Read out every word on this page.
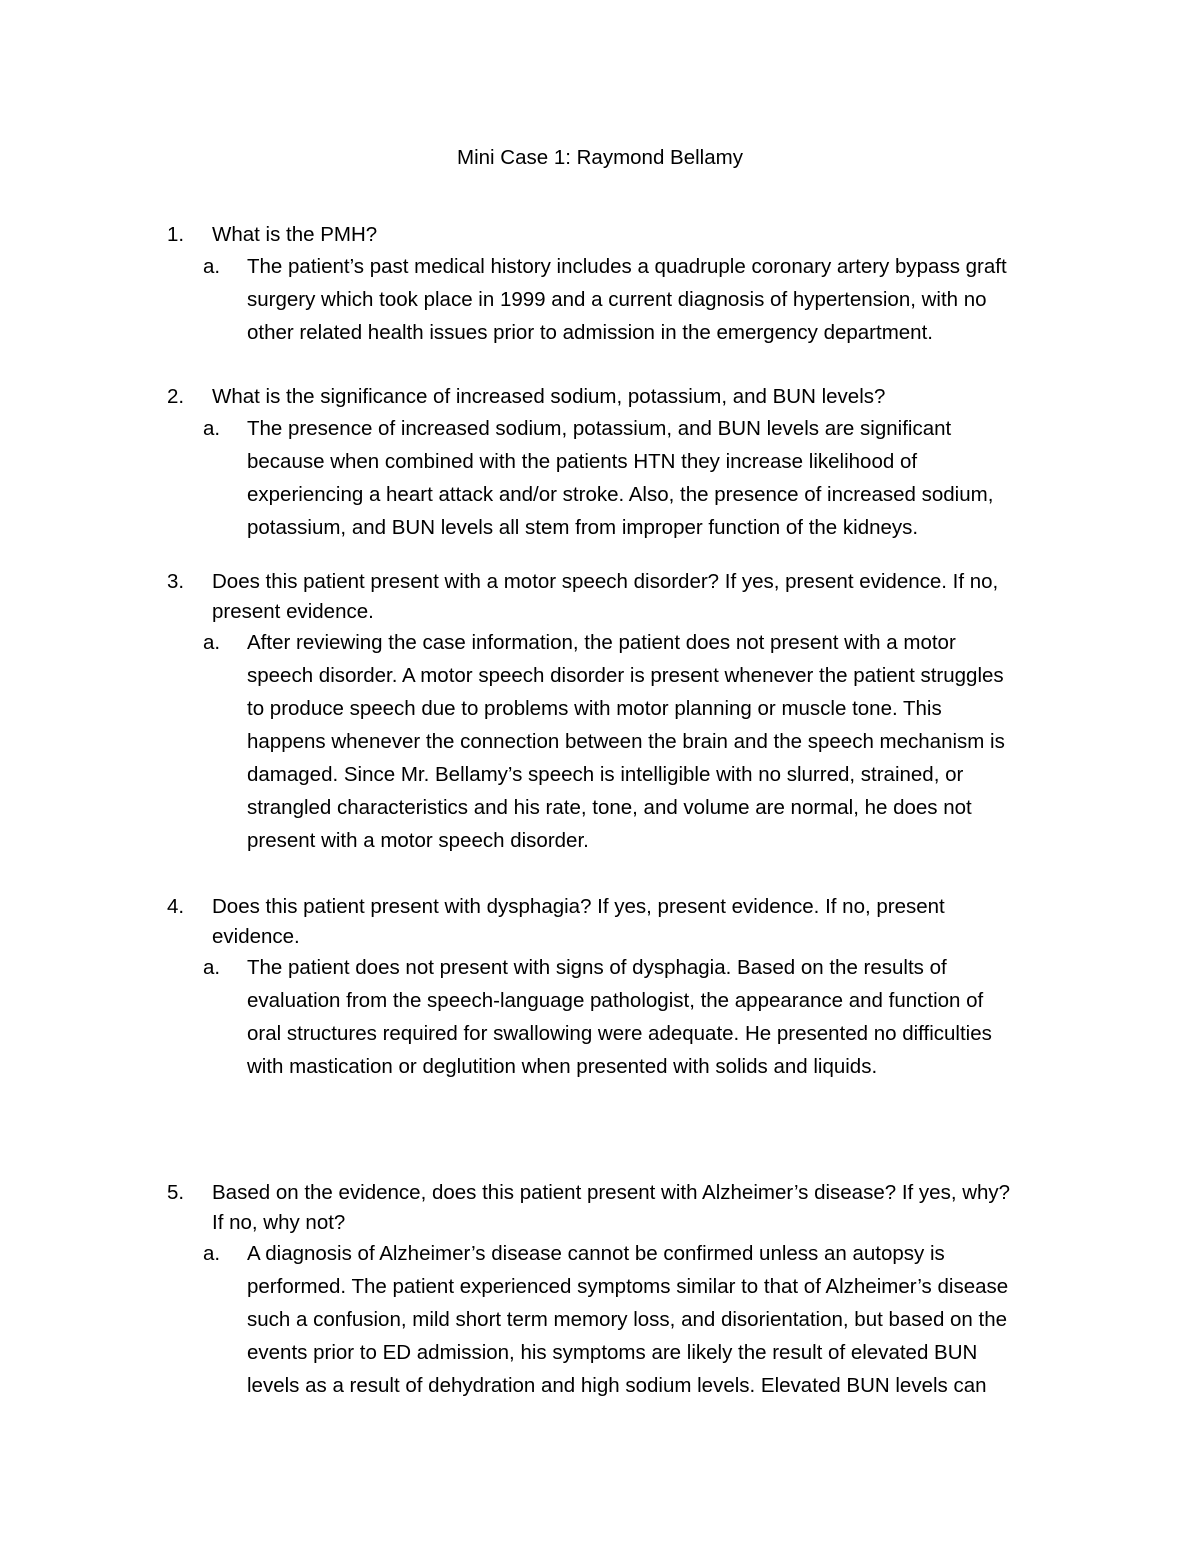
Mini Case 1: Raymond Bellamy
1.	What is the PMH?
a.	The patient’s past medical history includes a quadruple coronary artery bypass graft
surgery which took place in 1999 and a current diagnosis of hypertension, with no
other related health issues prior to admission in the emergency department.
2.	What is the significance of increased sodium, potassium, and BUN levels?
a.	The presence of increased sodium, potassium, and BUN levels are significant
because when combined with the patients HTN they increase likelihood of
experiencing a heart attack and/or stroke. Also, the presence of increased sodium,
potassium, and BUN levels all stem from improper function of the kidneys.
3.	Does this patient present with a motor speech disorder? If yes, present evidence. If no,
present evidence.
a.	After reviewing the case information, the patient does not present with a motor
speech disorder. A motor speech disorder is present whenever the patient struggles
to produce speech due to problems with motor planning or muscle tone. This
happens whenever the connection between the brain and the speech mechanism is
damaged. Since Mr. Bellamy’s speech is intelligible with no slurred, strained, or
strangled characteristics and his rate, tone, and volume are normal, he does not
present with a motor speech disorder.
4.	Does this patient present with dysphagia? If yes, present evidence. If no, present
evidence.
a.	The patient does not present with signs of dysphagia. Based on the results of
evaluation from the speech-language pathologist, the appearance and function of
oral structures required for swallowing were adequate. He presented no difficulties
with mastication or deglutition when presented with solids and liquids.
5.	Based on the evidence, does this patient present with Alzheimer’s disease? If yes, why?
If no, why not?
a.	A diagnosis of Alzheimer’s disease cannot be confirmed unless an autopsy is
performed. The patient experienced symptoms similar to that of Alzheimer’s disease
such a confusion, mild short term memory loss, and disorientation, but based on the
events prior to ED admission, his symptoms are likely the result of elevated BUN
levels as a result of dehydration and high sodium levels. Elevated BUN levels can
